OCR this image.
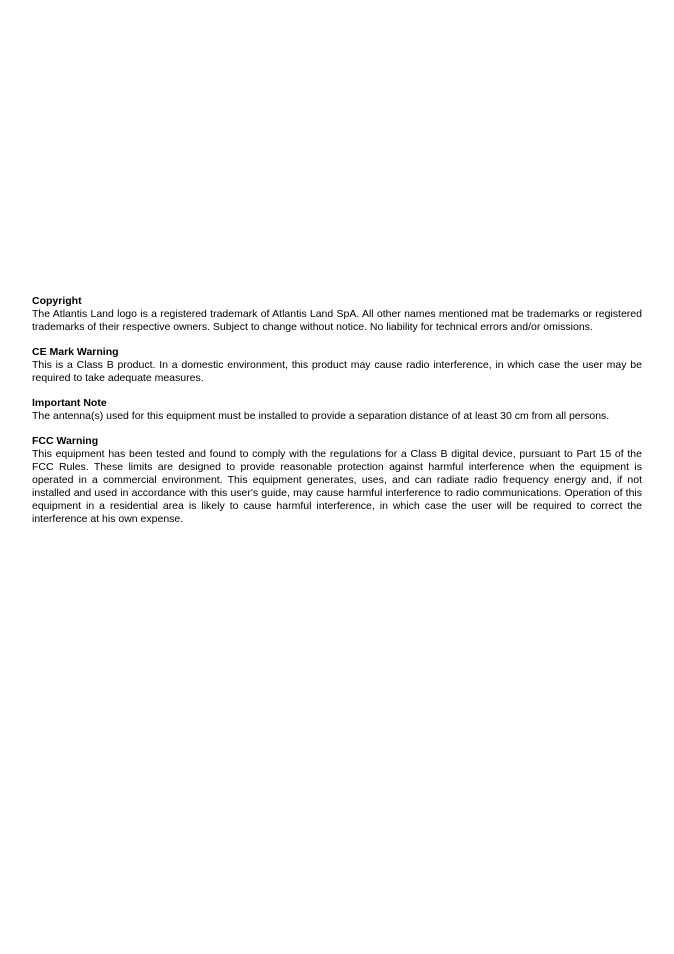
Copyright
The Atlantis Land logo is a registered trademark of Atlantis Land SpA. All other names mentioned mat be trademarks or registered trademarks of their respective owners. Subject to change without notice. No liability for technical errors and/or omissions.
CE Mark Warning
This is a Class B product. In a domestic environment, this product may cause radio interference, in which case the user may be required to take adequate measures.
Important Note
The antenna(s) used for this equipment must be installed to provide a separation distance of at least 30 cm from all persons.
FCC Warning
This equipment has been tested and found to comply with the regulations for a Class B digital device, pursuant to Part 15 of the FCC Rules. These limits are designed to provide reasonable protection against harmful interference when the equipment is operated in a commercial environment. This equipment generates, uses, and can radiate radio frequency energy and, if not installed and used in accordance with this user's guide, may cause harmful interference to radio communications. Operation of this equipment in a residential area is likely to cause harmful interference, in which case the user will be required to correct the interference at his own expense.
